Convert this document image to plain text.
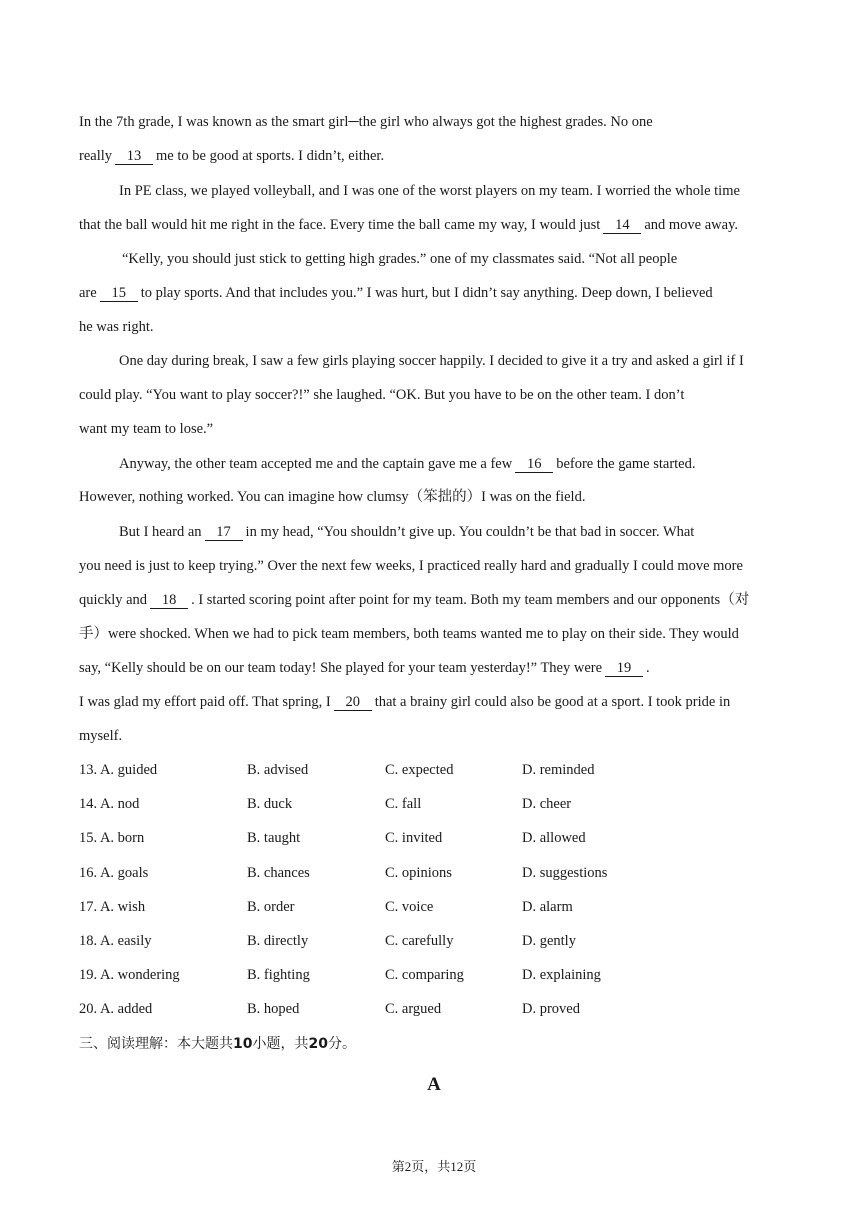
In the 7th grade, I was known as the smart girl─the girl who always got the highest grades. No one
really 13 me to be good at sports. I didn’t, either.
In PE class, we played volleyball, and I was one of the worst players on my team. I worried the whole time
that the ball would hit me right in the face. Every time the ball came my way, I would just 14 and move away.
“Kelly, you should just stick to getting high grades.” one of my classmates said. “Not all people
are 15 to play sports. And that includes you.” I was hurt, but I didn’t say anything. Deep down, I believed
he was right.
One day during break, I saw a few girls playing soccer happily. I decided to give it a try and asked a girl if I
could play. “You want to play soccer?!” she laughed. “OK. But you have to be on the other team. I don’t
want my team to lose.”
Anyway, the other team accepted me and the captain gave me a few 16 before the game started.
However, nothing worked. You can imagine how clumsy（笨拙的）I was on the field.
But I heard an 17 in my head, “You shouldn’t give up. You couldn’t be that bad in soccer. What
you need is just to keep trying.” Over the next few weeks, I practiced really hard and gradually I could move more
quickly and 18 . I started scoring point after point for my team. Both my team members and our opponents（对
手）were shocked. When we had to pick team members, both teams wanted me to play on their side. They would
say, “Kelly should be on our team today! She played for your team yesterday!” They were 19 .
I was glad my effort paid off. That spring, I 20 that a brainy girl could also be good at a sport. I took pride in
myself.
13. A. guided	B. advised	C. expected	D. reminded
14. A. nod	B. duck	C. fall	D. cheer
15. A. born	B. taught	C. invited	D. allowed
16. A. goals	B. chances	C. opinions	D. suggestions
17. A. wish	B. order	C. voice	D. alarm
18. A. easily	B. directly	C. carefully	D. gently
19. A. wondering	B. fighting	C. comparing	D. explaining
20. A. added	B. hoped	C. argued	D. proved
三、阅读理解：本大题共10小题，共20分。
A
第2页，共12页
